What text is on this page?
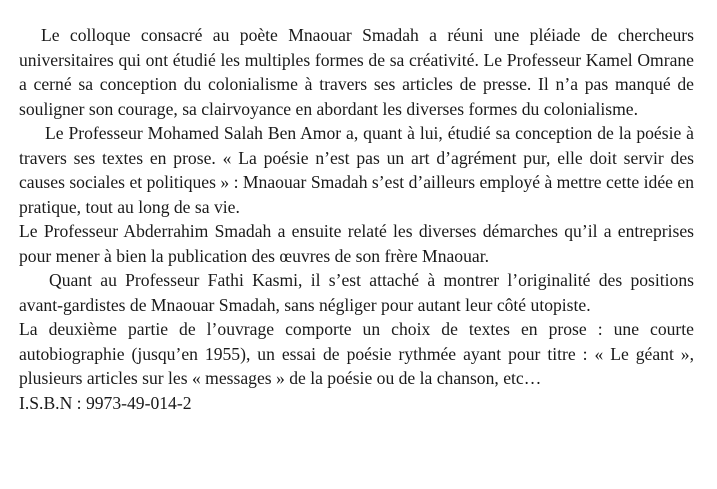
Le colloque consacré au poète Mnaouar Smadah a réuni une pléiade de chercheurs universitaires qui ont étudié les multiples formes de sa créativité. Le Professeur Kamel Omrane a cerné sa conception du colonialisme à travers ses articles de presse. Il n’a pas manqué de souligner son courage, sa clairvoyance en abordant les diverses formes du colonialisme.

Le Professeur Mohamed Salah Ben Amor a, quant à lui, étudié sa conception de la poésie à travers ses textes en prose. « La poésie n’est pas un art d’agrément pur, elle doit servir des causes sociales et politiques » : Mnaouar Smadah s’est d’ailleurs employé à mettre cette idée en pratique, tout au long de sa vie.

Le Professeur Abderrahim Smadah a ensuite relaté les diverses démarches qu’il a entreprises pour mener à bien la publication des œuvres de son frère Mnaouar.

Quant au Professeur Fathi Kasmi, il s’est attaché à montrer l’originalité des positions avant-gardistes de Mnaouar Smadah, sans négliger pour autant leur côté utopiste.

La deuxième partie de l’ouvrage comporte un choix de textes en prose : une courte autobiographie (jusqu’en 1955), un essai de poésie rythmée ayant pour titre : « Le géant », plusieurs articles sur les « messages » de la poésie ou de la chanson, etc…

I.S.B.N : 9973-49-014-2
